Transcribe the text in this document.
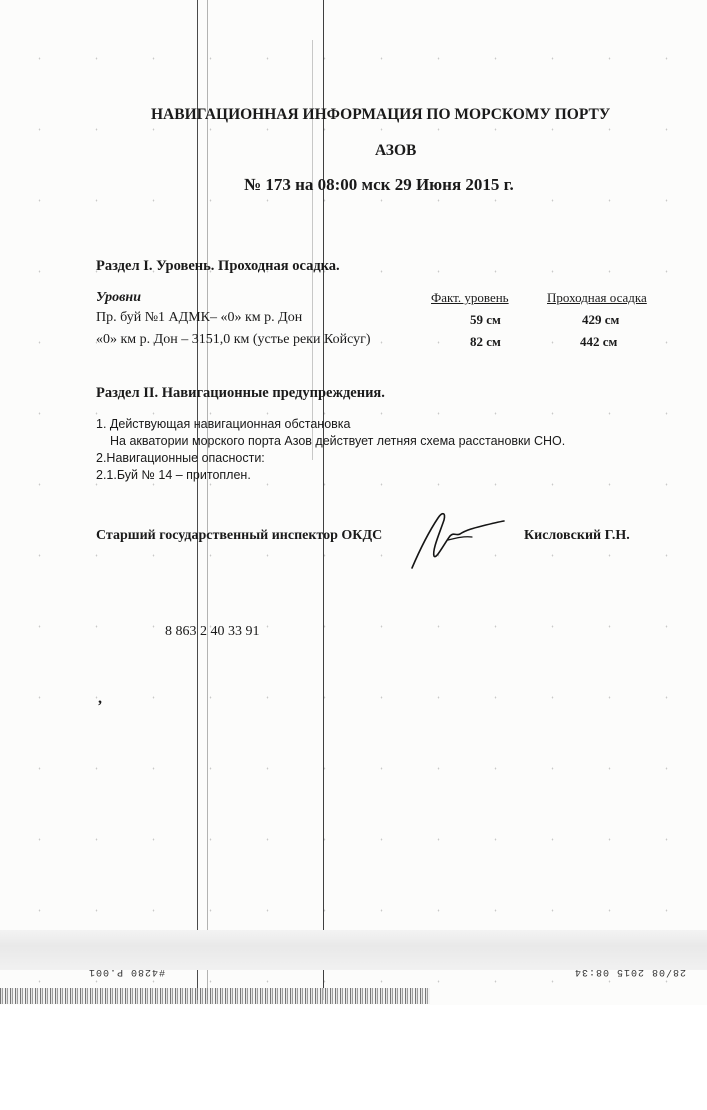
НАВИГАЦИОННАЯ ИНФОРМАЦИЯ ПО МОРСКОМУ ПОРТУ
АЗОВ
№ 173 на 08:00 мск 29 Июня 2015 г.
Раздел I. Уровень. Проходная осадка.
Уровни	Факт. уровень	Проходная осадка
Пр. буй №1 АДМК– «0» км р. Дон	59 см	429 см
«0» км р. Дон – 3151,0 км (устье реки Койсуг)	82 см	442 см
Раздел II. Навигационные предупреждения.
1. Действующая навигационная обстановка
На акватории морского порта Азов действует летняя схема расстановки СНО.
2.Навигационные опасности:
2.1.Буй № 14 – притоплен.
Старший государственный инспектор ОКДС	Кисловский Г.Н.
8 863 2 40 33 91
,
#4280 P.001	28/08 2015 08:34
